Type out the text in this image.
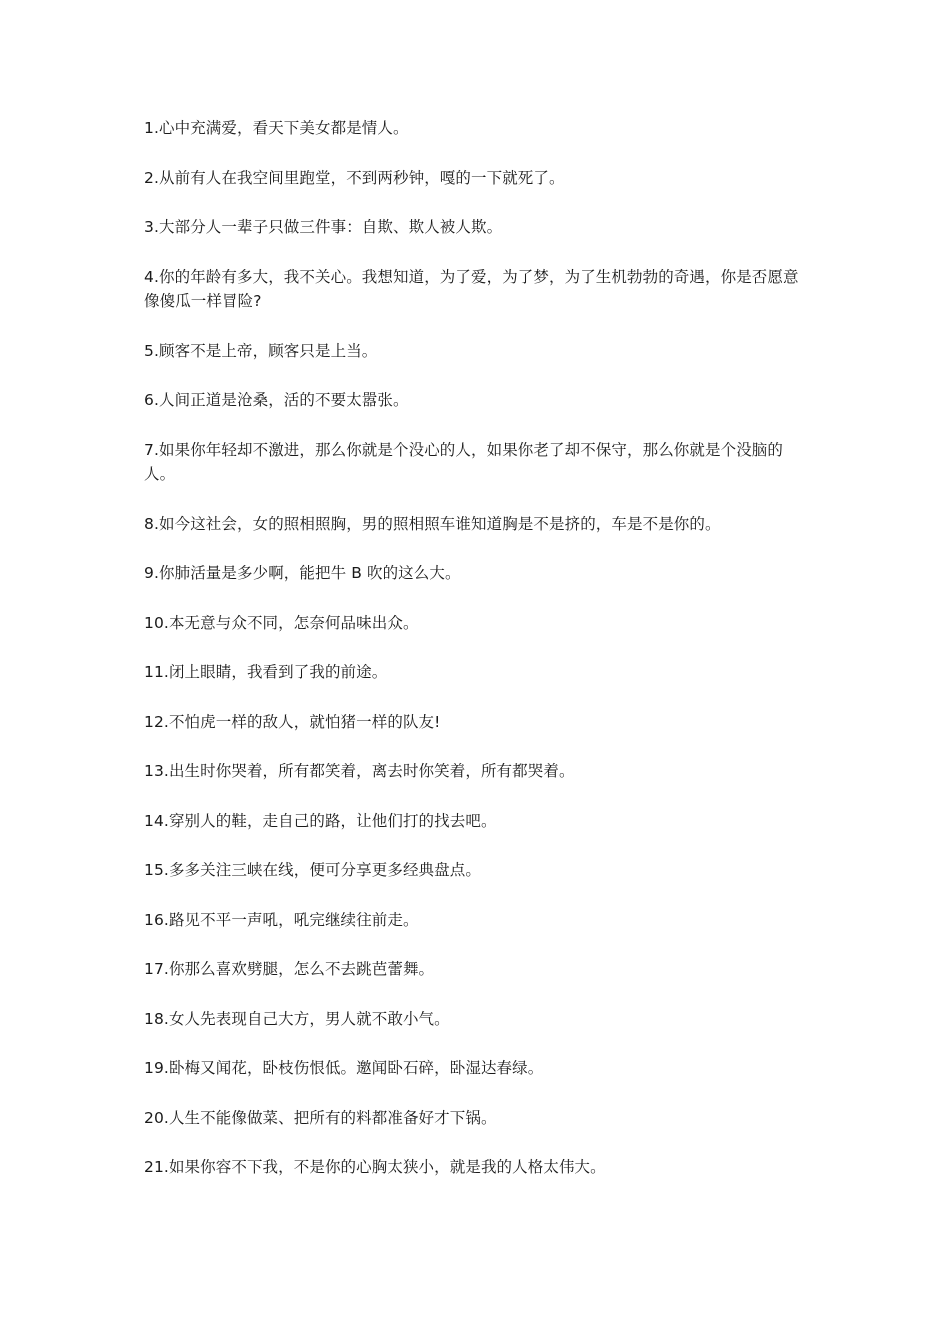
1.心中充满爱，看天下美女都是情人。
2.从前有人在我空间里跑堂，不到两秒钟，嘎的一下就死了。
3.大部分人一辈子只做三件事：自欺、欺人被人欺。
4.你的年龄有多大，我不关心。我想知道，为了爱，为了梦，为了生机勃勃的奇遇，你是否愿意像傻瓜一样冒险?
5.顾客不是上帝，顾客只是上当。
6.人间正道是沧桑，活的不要太嚣张。
7.如果你年轻却不激进，那么你就是个没心的人，如果你老了却不保守，那么你就是个没脑的人。
8.如今这社会，女的照相照胸，男的照相照车谁知道胸是不是挤的，车是不是你的。
9.你肺活量是多少啊，能把牛 B 吹的这么大。
10.本无意与众不同，怎奈何品味出众。
11.闭上眼睛，我看到了我的前途。
12.不怕虎一样的敌人，就怕猪一样的队友!
13.出生时你哭着，所有都笑着，离去时你笑着，所有都哭着。
14.穿别人的鞋，走自己的路，让他们打的找去吧。
15.多多关注三峡在线，便可分享更多经典盘点。
16.路见不平一声吼，吼完继续往前走。
17.你那么喜欢劈腿，怎么不去跳芭蕾舞。
18.女人先表现自己大方，男人就不敢小气。
19.卧梅又闻花，卧枝伤恨低。邀闻卧石碎，卧湿达春绿。
20.人生不能像做菜、把所有的料都准备好才下锅。
21.如果你容不下我，不是你的心胸太狭小，就是我的人格太伟大。
